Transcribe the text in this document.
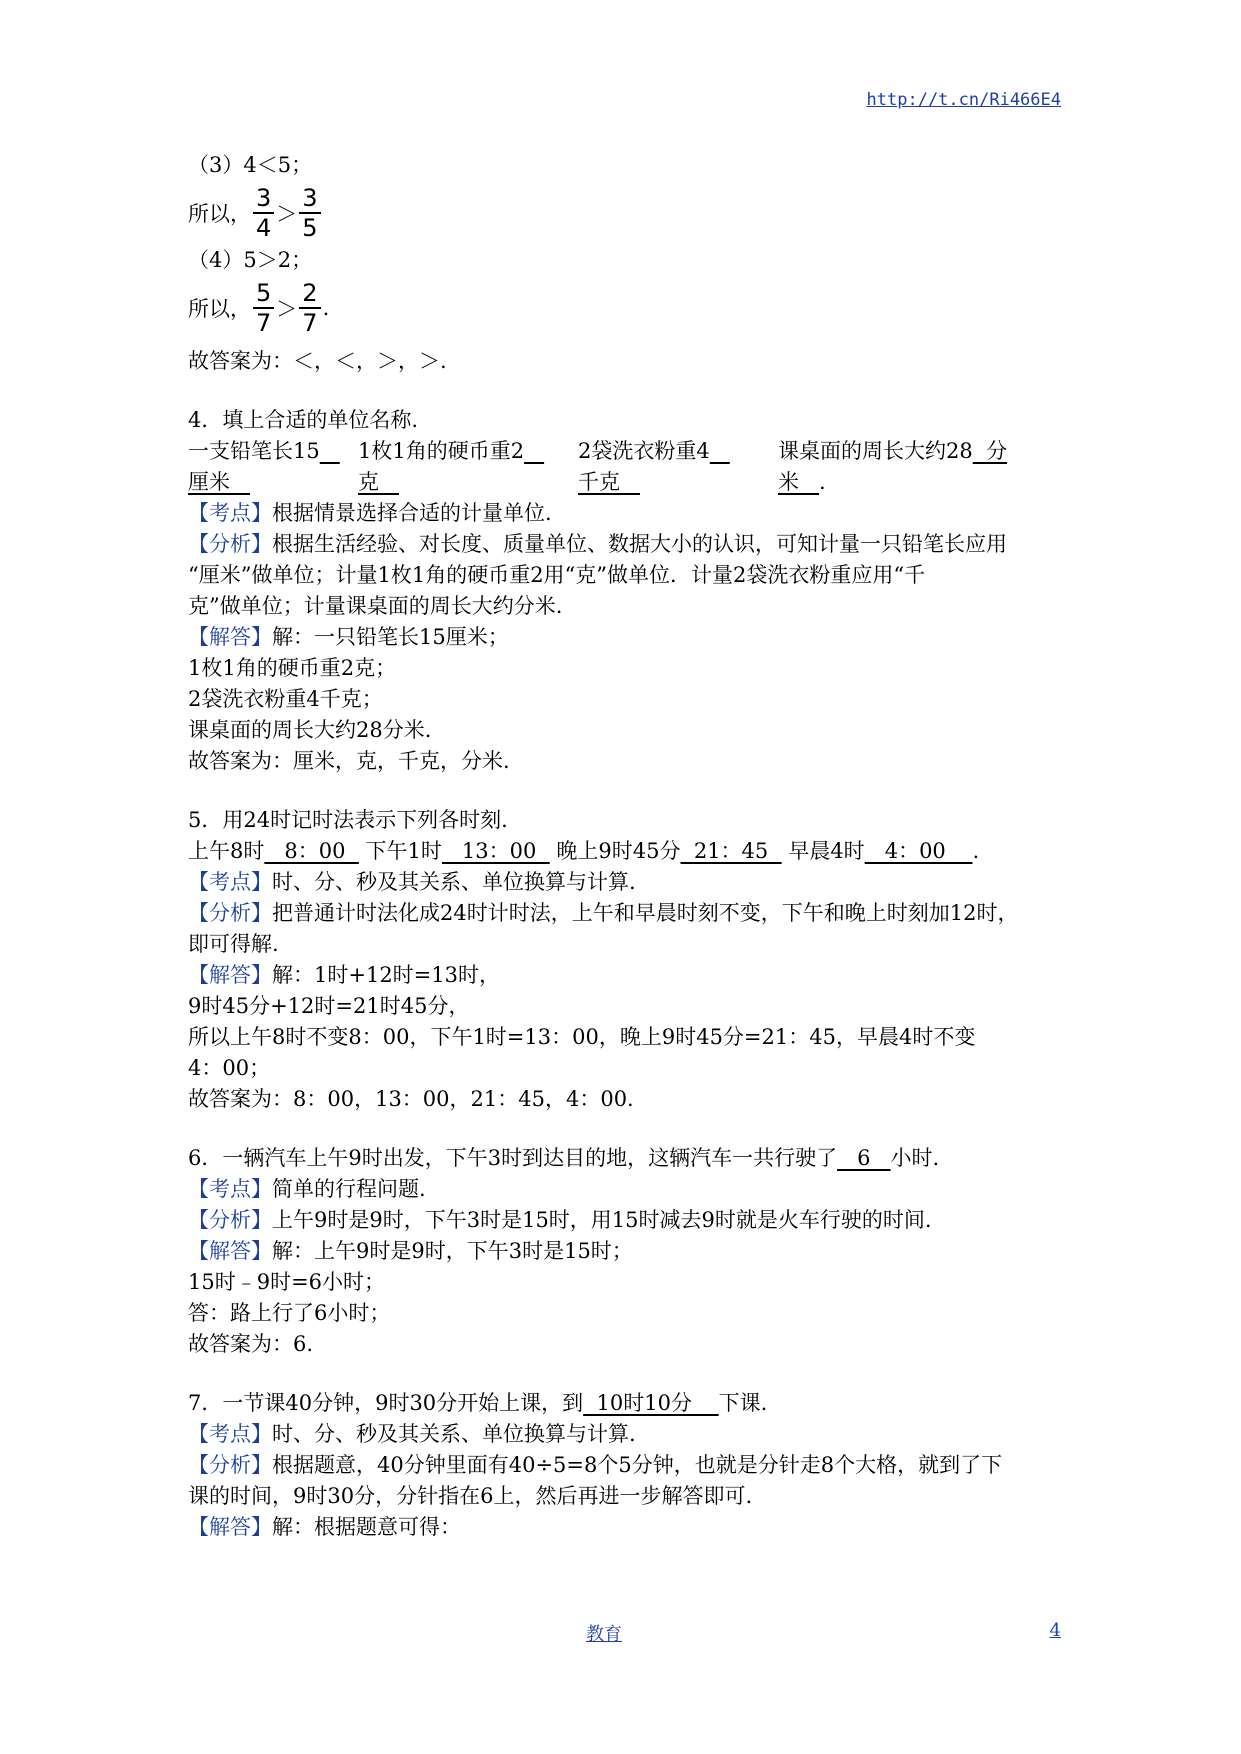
http://t.cn/Ri466E4
（3）4＜5；
所以， $\frac{3}{4} > \frac{3}{5}$
（4）5＞2；
所以， $\frac{5}{7} > \frac{2}{7}$ .
故答案为：＜，＜，＞，＞.
4．填上合适的单位名称.
一支铅笔长15
厘米
1枚1角的硬币重2
克
2袋洗衣粉重4
千克
课桌面的周长大约28  分
米 .
【考点】根据情景选择合适的计量单位.
【分析】根据生活经验、对长度、质量单位、数据大小的认识，可知计量一只铅笔长应用
“厘米”做单位；计量1枚1角的硬币重2用“克”做单位．计量2袋洗衣粉重应用“千
克”做单位；计量课桌面的周长大约分米.
【解答】解：一只铅笔长15厘米；
1枚1角的硬币重2克；
2袋洗衣粉重4千克；
课桌面的周长大约28分米.
故答案为：厘米，克，千克，分米.
5．用24时记时法表示下列各时刻.
上午8时   8：00   下午1时   13：00   晚上9时45分  21：45   早晨4时   4：00    .
【考点】时、分、秒及其关系、单位换算与计算.
【分析】把普通计时法化成24时计时法，上午和早晨时刻不变，下午和晚上时刻加12时，
即可得解.
【解答】解：1时+12时=13时，
9时45分+12时=21时45分，
所以上午8时不变8：00，下午1时=13：00，晚上9时45分=21：45，早晨4时不变
4：00；
故答案为：8：00，13：00，21：45，4：00.
6．一辆汽车上午9时出发，下午3时到达目的地，这辆汽车一共行驶了   6   小时.
【考点】简单的行程问题.
【分析】上午9时是9时，下午3时是15时，用15时减去9时就是火车行驶的时间.
【解答】解：上午9时是9时，下午3时是15时；
15时﹣9时=6小时；
答：路上行了6小时；
故答案为：6.
7．一节课40分钟，9时30分开始上课，到  10时10分    下课.
【考点】时、分、秒及其关系、单位换算与计算.
【分析】根据题意，40分钟里面有40÷5=8个5分钟，也就是分针走8个大格，就到了下
课的时间，9时30分，分针指在6上，然后再进一步解答即可.
【解答】解：根据题意可得：
教育	4
